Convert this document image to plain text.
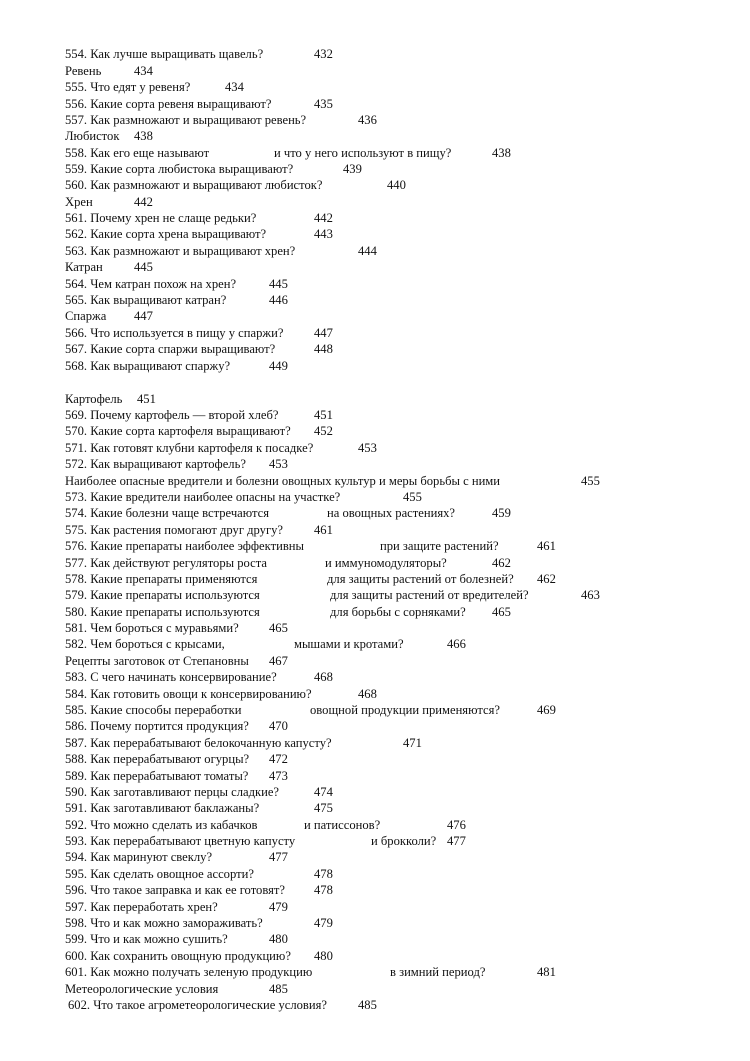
554. Как лучше выращивать щавель?	432
Ревень	434
555. Что едят у ревеня?	434
556. Какие сорта ревеня выращивают?	435
557. Как размножают и выращивают ревень?	436
Любисток 438
558. Как его еще называют	и что у него используют в пищу?	438
559. Какие сорта любистока выращивают?	439
560. Как размножают и выращивают любисток?	440
Хрен	442
561. Почему хрен не слаще редьки?	442
562. Какие сорта хрена выращивают?	443
563. Как размножают и выращивают хрен?	444
Катран 445
564. Чем катран похож на хрен?	445
565. Как выращивают катран?	446
Спаржа 447
566. Что используется в пищу у спаржи? 447
567. Какие сорта спаржи выращивают?	448
568. Как выращивают спаржу?	449
Картофель 451
569. Почему картофель — второй хлеб?	451
570. Какие сорта картофеля выращивают? 452
571. Как готовят клубни картофеля к посадке?	453
572. Как выращивают картофель? 453
Наиболее опасные вредители и болезни овощных культур и меры борьбы с ними	455
573. Какие вредители наиболее опасны на участке?	455
574. Какие болезни чаще встречаются	на овощных растениях?	459
575. Как растения помогают друг другу? 461
576. Какие препараты наиболее эффективны	при защите растений?	461
577. Как действуют регуляторы роста	и иммуномодуляторы?	462
578. Какие препараты применяются	для защиты растений от болезней? 462
579. Какие препараты используются	для защиты растений от вредителей?	463
580. Какие препараты используются	для борьбы с сорняками? 465
581. Чем бороться с муравьями? 465
582. Чем бороться с крысами,	мышами и кротами?	466
Рецепты заготовок от Степановны 467
583. С чего начинать консервирование?	468
584. Как готовить овощи к консервированию?	468
585. Какие способы переработки	овощной продукции применяются?	469
586. Почему портится продукция? 470
587. Как перерабатывают белокочанную капусту?	471
588. Как перерабатывают огурцы? 472
589. Как перерабатывают томаты? 473
590. Как заготавливают перцы сладкие?	474
591. Как заготавливают баклажаны?	475
592. Что можно сделать из кабачков	и патиссонов?	476
593. Как перерабатывают цветную капусту	и брокколи? 477
594. Как маринуют свеклу?	477
595. Как сделать овощное ассорти?	478
596. Что такое заправка и как ее готовят? 478
597. Как переработать хрен?	479
598. Что и как можно замораживать?	479
599. Что и как можно сушить?	480
600. Как сохранить овощную продукцию? 480
601. Как можно получать зеленую продукцию	в зимний период?	481
Метеорологические условия	485
602. Что такое агрометеорологические условия? 485
